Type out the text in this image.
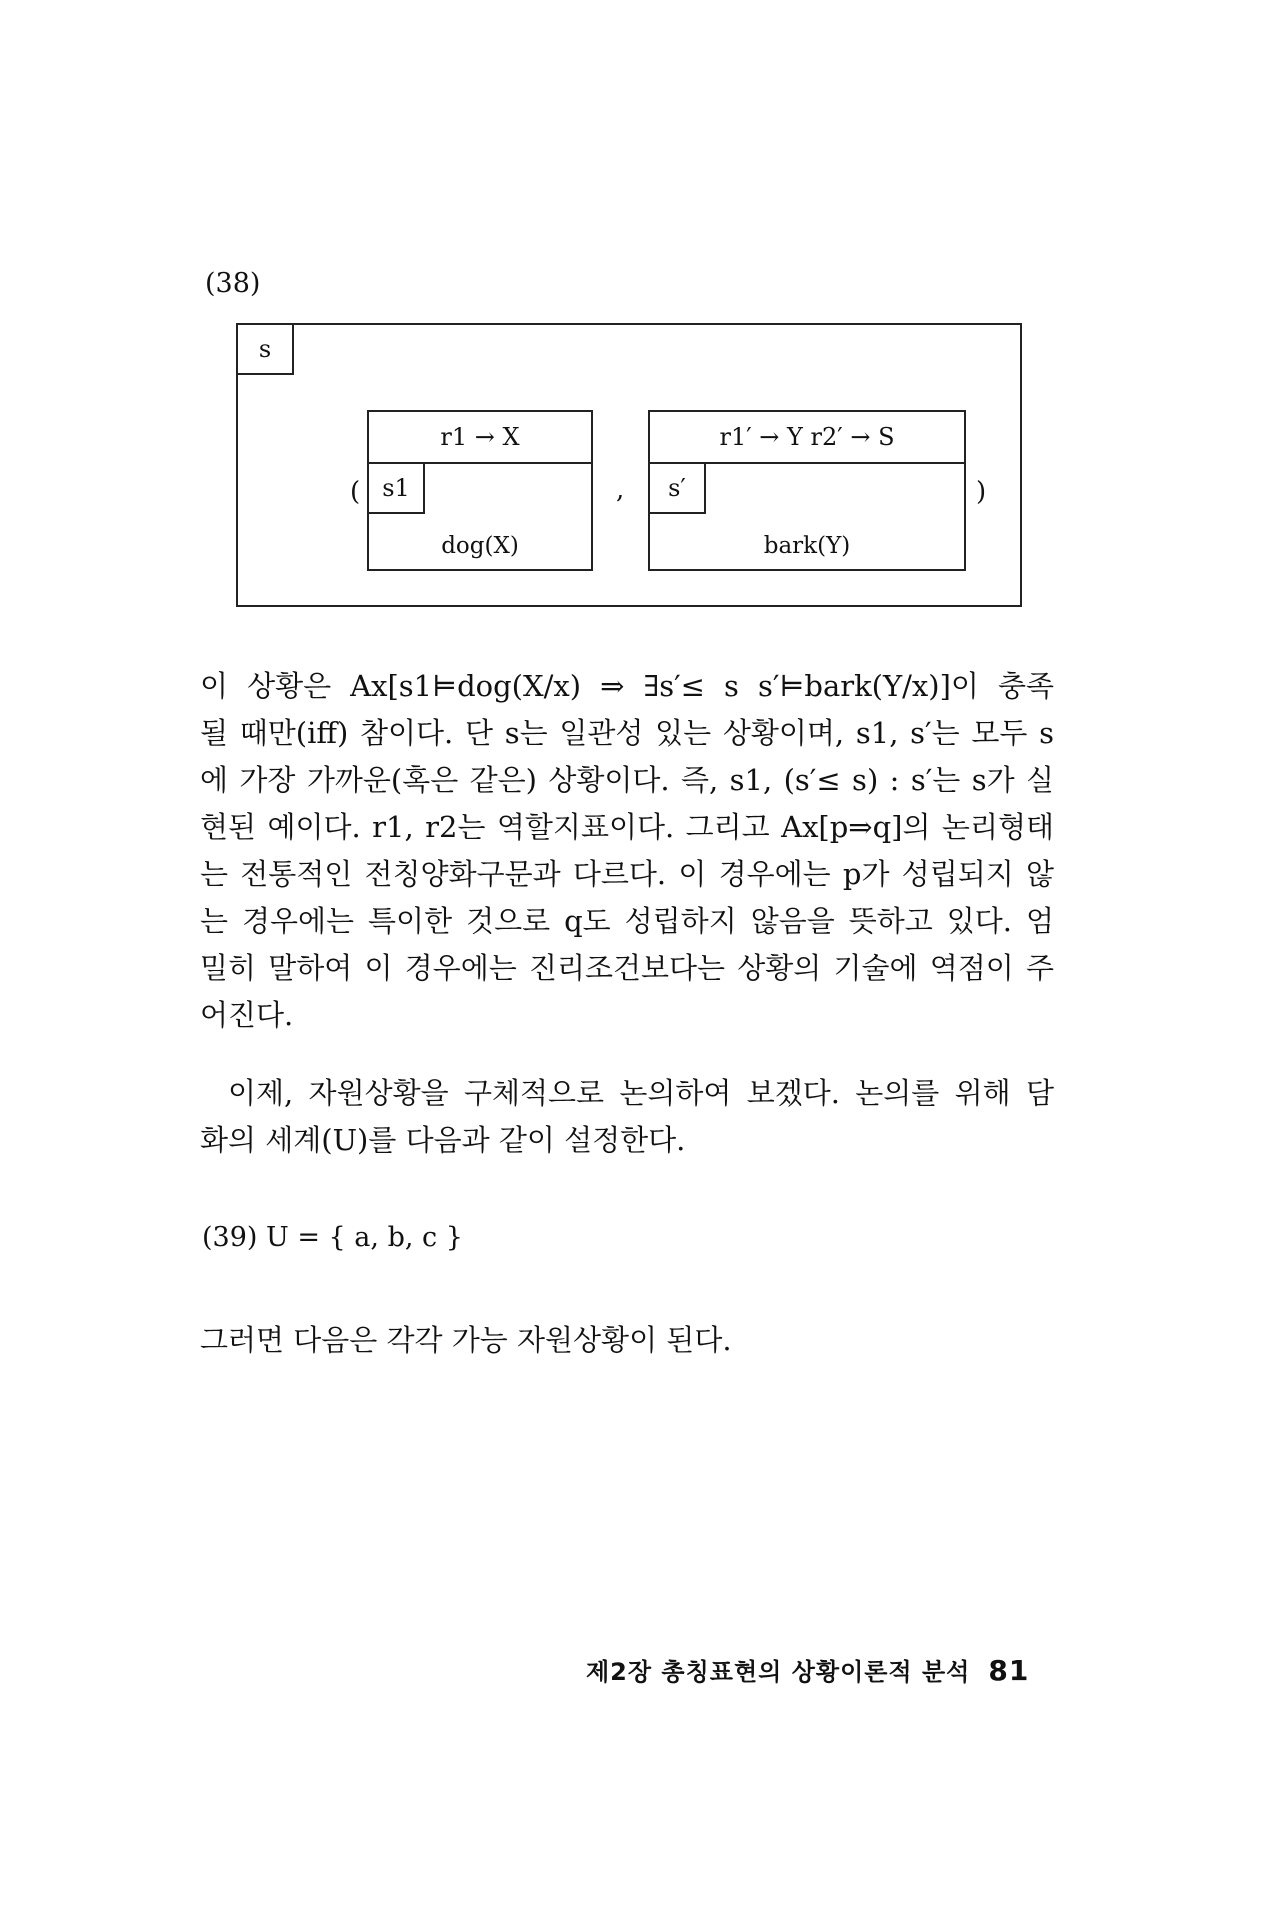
(38)
s
(
r1 → X
s1
dog(X)
,
r1′ → Y r2′ → S
s′
bark(Y)
)
이 상황은 Ax[s1⊨dog(X/x) ⇒ ∃s′≤ s s′⊨bark(Y/x)]이 충족
될 때만(iff) 참이다. 단 s는 일관성 있는 상황이며, s1, s′는 모두 s
에 가장 가까운(혹은 같은) 상황이다. 즉, s1, (s′≤ s) : s′는 s가 실
현된 예이다. r1, r2는 역할지표이다. 그리고 Ax[p⇒q]의 논리형태
는 전통적인 전칭양화구문과 다르다. 이 경우에는 p가 성립되지 않
는 경우에는 특이한 것으로 q도 성립하지 않음을 뜻하고 있다. 엄
밀히 말하여 이 경우에는 진리조건보다는 상황의 기술에 역점이 주
어진다.
이제, 자원상황을 구체적으로 논의하여 보겠다. 논의를 위해 담
화의 세계(U)를 다음과 같이 설정한다.
(39) U = { a, b, c }
그러면 다음은 각각 가능 자원상황이 된다.
제2장 총칭표현의 상황이론적 분석 81
